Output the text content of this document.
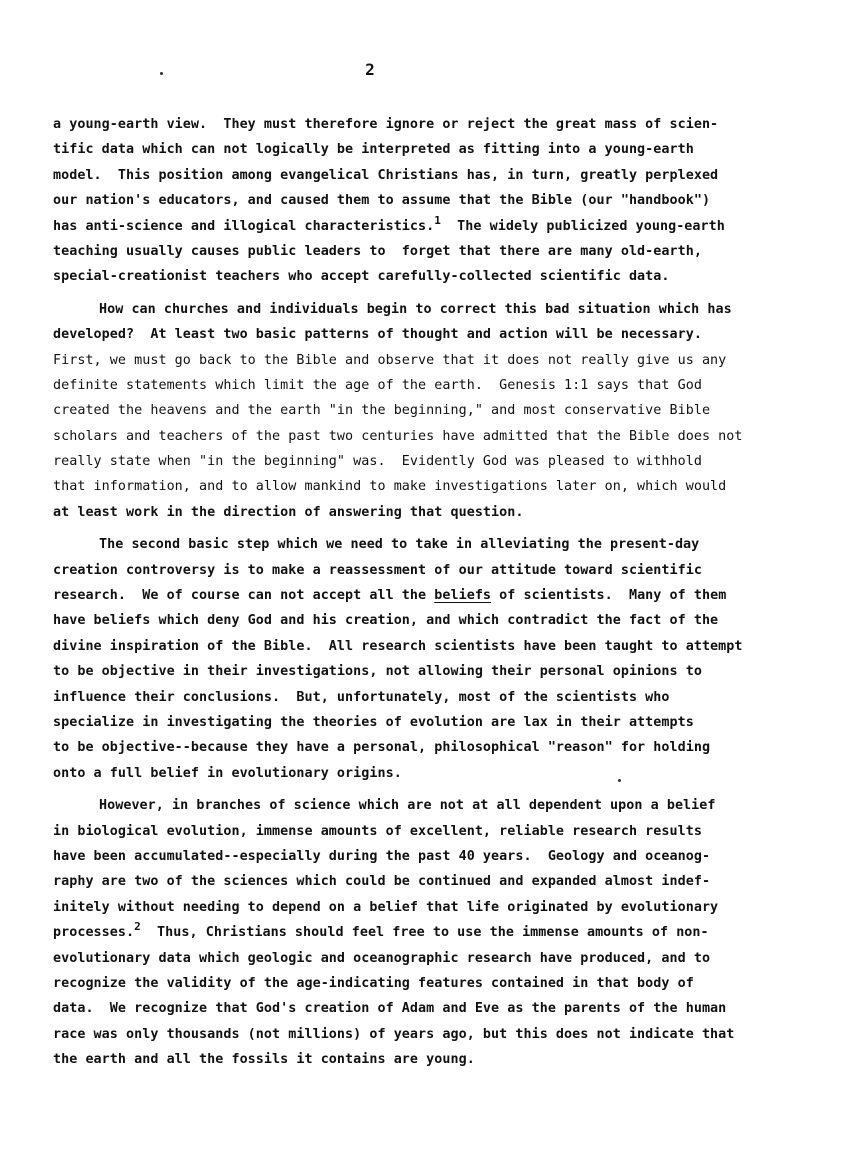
2
a young-earth view.  They must therefore ignore or reject the great mass of scien-
tific data which can not logically be interpreted as fitting into a young-earth
model.  This position among evangelical Christians has, in turn, greatly perplexed
our nation's educators, and caused them to assume that the Bible (our "handbook")
has anti-science and illogical characteristics.$^1$  The widely publicized young-earth
teaching usually causes public leaders to  forget that there are many old-earth,
special-creationist teachers who accept carefully-collected scientific data.
How can churches and individuals begin to correct this bad situation which has
developed?  At least two basic patterns of thought and action will be necessary.
First, we must go back to the Bible and observe that it does not really give us any
definite statements which limit the age of the earth.  Genesis 1:1 says that God
created the heavens and the earth "in the beginning," and most conservative Bible
scholars and teachers of the past two centuries have admitted that the Bible does not
really state when "in the beginning" was.  Evidently God was pleased to withhold
that information, and to allow mankind to make investigations later on, which would
at least work in the direction of answering that question.
The second basic step which we need to take in alleviating the present-day
creation controversy is to make a reassessment of our attitude toward scientific
research.  We of course can not accept all the beliefs of scientists.  Many of them
have beliefs which deny God and his creation, and which contradict the fact of the
divine inspiration of the Bible.  All research scientists have been taught to attempt
to be objective in their investigations, not allowing their personal opinions to
influence their conclusions.  But, unfortunately, most of the scientists who
specialize in investigating the theories of evolution are lax in their attempts
to be objective--because they have a personal, philosophical "reason" for holding
onto a full belief in evolutionary origins.
However, in branches of science which are not at all dependent upon a belief
in biological evolution, immense amounts of excellent, reliable research results
have been accumulated--especially during the past 40 years.  Geology and oceanog-
raphy are two of the sciences which could be continued and expanded almost indef-
initely without needing to depend on a belief that life originated by evolutionary
processes.$^2$  Thus, Christians should feel free to use the immense amounts of non-
evolutionary data which geologic and oceanographic research have produced, and to
recognize the validity of the age-indicating features contained in that body of
data.  We recognize that God's creation of Adam and Eve as the parents of the human
race was only thousands (not millions) of years ago, but this does not indicate that
the earth and all the fossils it contains are young.
